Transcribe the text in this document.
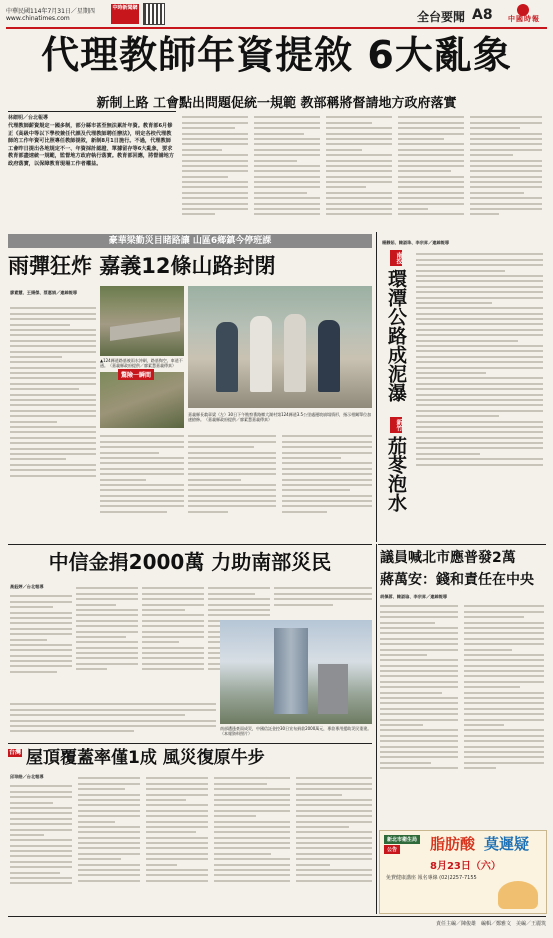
中華民國114年7月31日／星期四
www.chinatimes.com
中時新聞網
全台要聞 A8	中國時報
代理教師年資提敘 6大亂象
新制上路 工會點出問題促統一規範 教部稱將督請地方政府落實
林縉明／台北報導
代理教師薪資規定一國多制，部分縣市甚至無法累計年資。教育部6月修正《高級中等以下學校兼任代課及代理教師聘任辦法》，明定各校代理教師的工作年資可比照專任教師提敘，新制8月1日施行。不過，代理教師工會昨日提出各地規定不一、年資採計認證、單據留存等6大亂象，要求教育部盡速統一規範，監督地方政府執行落實。教育部回應，將督請地方政府落實，以保障教育現場工作者權益。
豪華梁勤災目睹路讓 山區6鄉鎮今停班課
雨彈狂炸 嘉義12條山路封閉
廖素慧、王揚傑、蔡惠娟／連線報導
▲124縣道路基被雨水沖刷，路基掏空、車道不通。（嘉義縣政府提供／廖素慧嘉義傳真）
驚險一瞬間
嘉義縣長翁章梁（左）30日下午勘察番路鄉大湖村第124縣道3.5公里處邊坡崩塌情形，指示相關單位加速搶修。（嘉義縣政府提供／廖素慧嘉義傳真）
楊靜茹、陳淑珠、李宗昇／連線報導
南投
環潭公路成泥瀑
新竹
茄苳泡水
中信金捐2000萬 力助南部災民
高鈺婷／台北報導
南部遭逢豪雨成災，中國信託金控30日宣布捐款2000萬元，專款專用援助災民重建。（本報資料照片）
台灣 屋頂覆蓋率僅1成 風災復原牛步
邱琮皓／台北報導
議員喊北市應普發2萬
蔣萬安：錢和責任在中央
胡佩蓉、陳淑瑜、李宗昇／連線報導
新北市衛生局
公告 脂肪酸 莫遲疑
8月23日（六）
免費健康講座 報名專線 (02)2257-7155
責任主編／陳俊雄　編輯／鄭雅文　美編／王麗筑
